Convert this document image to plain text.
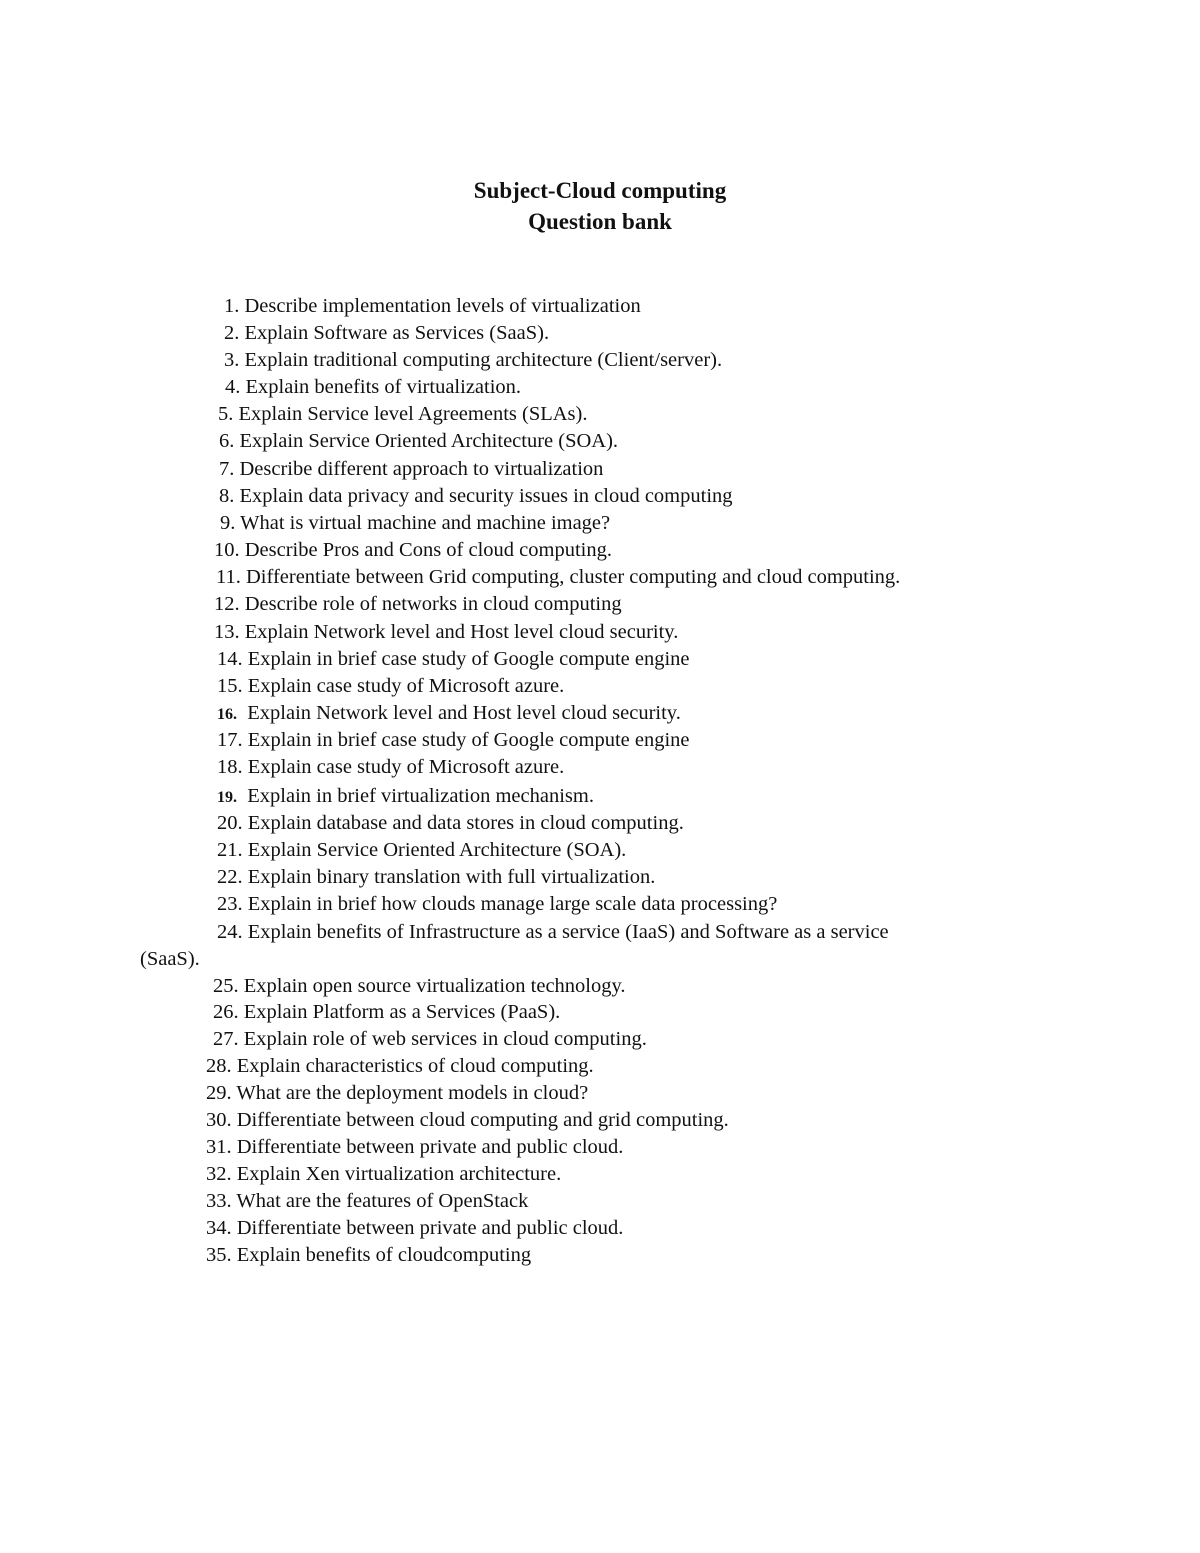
Subject-Cloud computing
Question bank
1. Describe implementation levels of virtualization
2. Explain Software as Services (SaaS).
3. Explain traditional computing architecture (Client/server).
4. Explain benefits of virtualization.
5. Explain Service level Agreements (SLAs).
6. Explain Service Oriented Architecture (SOA).
7. Describe different approach to virtualization
8. Explain data privacy and security issues in cloud computing
9. What is virtual machine and machine image?
10. Describe Pros and Cons of cloud computing.
11. Differentiate between Grid computing, cluster computing and cloud computing.
12. Describe role of networks in cloud computing
13. Explain Network level and Host level cloud security.
14. Explain in brief case study of Google compute engine
15. Explain case study of Microsoft azure.
16. Explain Network level and Host level cloud security.
17. Explain in brief case study of Google compute engine
18. Explain case study of Microsoft azure.
19. Explain in brief virtualization mechanism.
20. Explain database and data stores in cloud computing.
21. Explain Service Oriented Architecture (SOA).
22. Explain binary translation with full virtualization.
23. Explain in brief how clouds manage large scale data processing?
24. Explain benefits of Infrastructure as a service (IaaS) and Software as a service
(SaaS).
25. Explain open source virtualization technology.
26. Explain Platform as a Services (PaaS).
27. Explain role of web services in cloud computing.
28. Explain characteristics of cloud computing.
29. What are the deployment models in cloud?
30. Differentiate between cloud computing and grid computing.
31. Differentiate between private and public cloud.
32. Explain Xen virtualization architecture.
33. What are the features of OpenStack
34. Differentiate between private and public cloud.
35. Explain benefits of cloudcomputing
